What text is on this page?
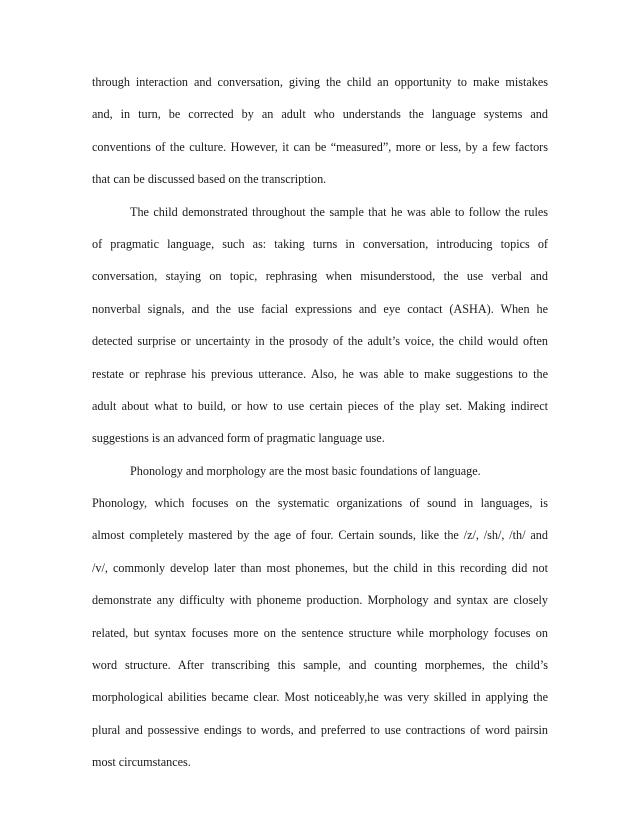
through interaction and conversation, giving the child an opportunity to make mistakes
and, in turn, be corrected by an adult who understands the language systems and
conventions of the culture. However, it can be “measured”, more or less, by a few factors
that can be discussed based on the transcription.
The child demonstrated throughout the sample that he was able to follow the rules
of pragmatic language, such as: taking turns in conversation, introducing topics of
conversation, staying on topic, rephrasing when misunderstood, the use verbal and
nonverbal signals, and the use facial expressions and eye contact (ASHA). When he
detected surprise or uncertainty in the prosody of the adult’s voice, the child would often
restate or rephrase his previous utterance. Also, he was able to make suggestions to the
adult about what to build, or how to use certain pieces of the play set. Making indirect
suggestions is an advanced form of pragmatic language use.
Phonology and morphology are the most basic foundations of language.
Phonology, which focuses on the systematic organizations of sound in languages, is
almost completely mastered by the age of four. Certain sounds, like the /z/, /sh/, /th/ and
/v/, commonly develop later than most phonemes, but the child in this recording did not
demonstrate any difficulty with phoneme production. Morphology and syntax are closely
related, but syntax focuses more on the sentence structure while morphology focuses on
word structure. After transcribing this sample, and counting morphemes, the child’s
morphological abilities became clear. Most noticeably,he was very skilled in applying the
plural and possessive endings to words, and preferred to use contractions of word pairsin
most circumstances.
